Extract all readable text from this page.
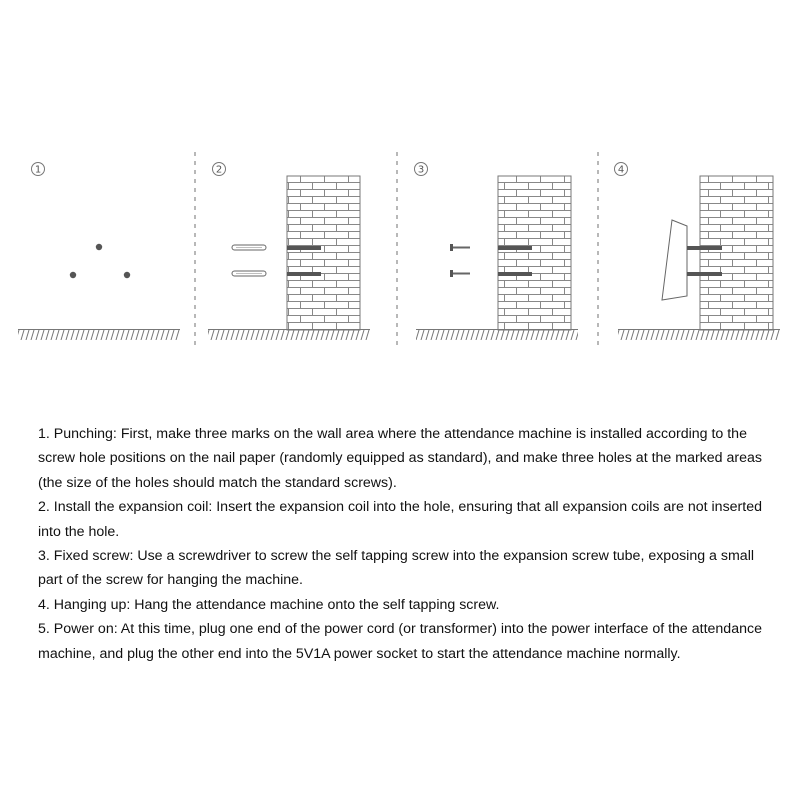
1	2	3	4

1. Punching: First, make three marks on the wall area where the attendance machine is installed according to the screw hole positions on the nail paper (randomly equipped as standard), and make three holes at the marked areas (the size of the holes should match the standard screws).

2. Install the expansion coil: Insert the expansion coil into the hole, ensuring that all expansion coils are not inserted into the hole.

3. Fixed screw: Use a screwdriver to screw the self tapping screw into the expansion screw tube, exposing a small part of the screw for hanging the machine.

4. Hanging up: Hang the attendance machine onto the self tapping screw.

5. Power on: At this time, plug one end of the power cord (or transformer) into the power interface of the attendance machine, and plug the other end into the 5V1A power socket to start the attendance machine normally.
